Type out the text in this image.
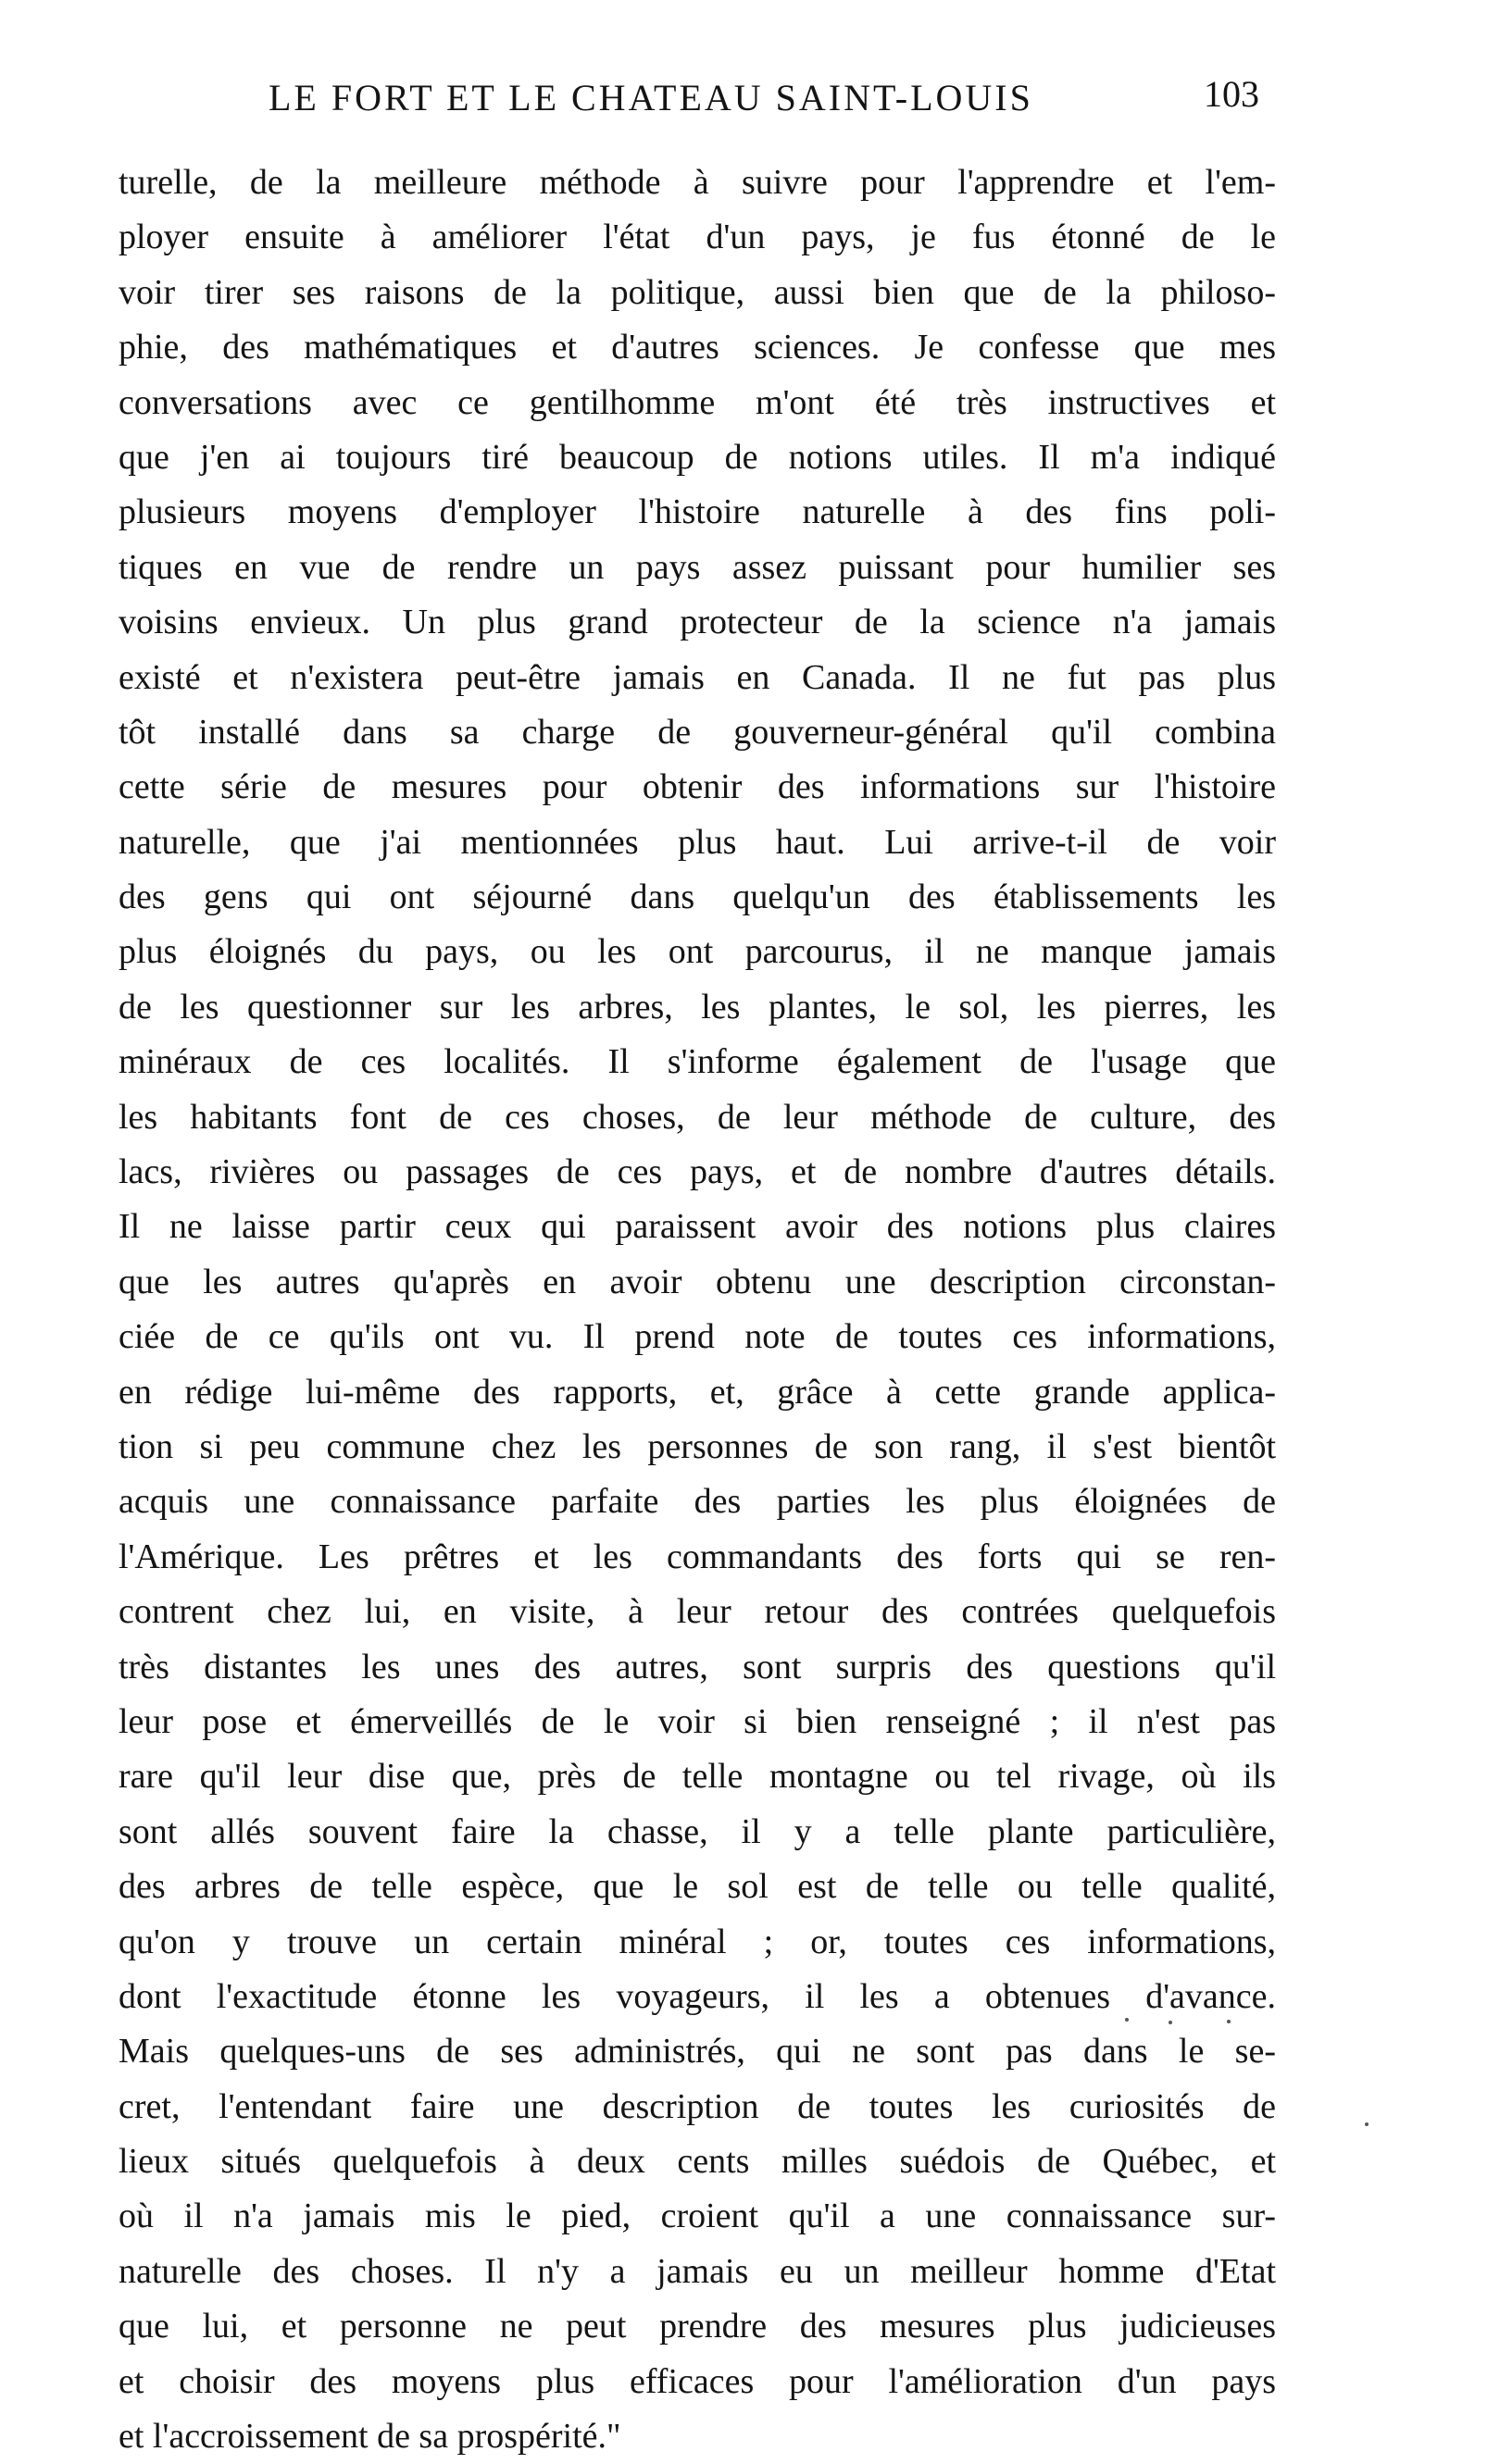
LE FORT ET LE CHATEAU SAINT-LOUIS	103
turelle, de la meilleure méthode à suivre pour l'apprendre et l'em-
ployer ensuite à améliorer l'état d'un pays, je fus étonné de le
voir tirer ses raisons de la politique, aussi bien que de la philoso-
phie, des mathématiques et d'autres sciences. Je confesse que mes
conversations avec ce gentilhomme m'ont été très instructives et
que j'en ai toujours tiré beaucoup de notions utiles. Il m'a indiqué
plusieurs moyens d'employer l'histoire naturelle à des fins poli-
tiques en vue de rendre un pays assez puissant pour humilier ses
voisins envieux. Un plus grand protecteur de la science n'a jamais
existé et n'existera peut-être jamais en Canada. Il ne fut pas plus
tôt installé dans sa charge de gouverneur-général qu'il combina
cette série de mesures pour obtenir des informations sur l'histoire
naturelle, que j'ai mentionnées plus haut. Lui arrive-t-il de voir
des gens qui ont séjourné dans quelqu'un des établissements les
plus éloignés du pays, ou les ont parcourus, il ne manque jamais
de les questionner sur les arbres, les plantes, le sol, les pierres, les
minéraux de ces localités. Il s'informe également de l'usage que
les habitants font de ces choses, de leur méthode de culture, des
lacs, rivières ou passages de ces pays, et de nombre d'autres détails.
Il ne laisse partir ceux qui paraissent avoir des notions plus claires
que les autres qu'après en avoir obtenu une description circonstan-
ciée de ce qu'ils ont vu. Il prend note de toutes ces informations,
en rédige lui-même des rapports, et, grâce à cette grande applica-
tion si peu commune chez les personnes de son rang, il s'est bientôt
acquis une connaissance parfaite des parties les plus éloignées de
l'Amérique. Les prêtres et les commandants des forts qui se ren-
contrent chez lui, en visite, à leur retour des contrées quelquefois
très distantes les unes des autres, sont surpris des questions qu'il
leur pose et émerveillés de le voir si bien renseigné ; il n'est pas
rare qu'il leur dise que, près de telle montagne ou tel rivage, où ils
sont allés souvent faire la chasse, il y a telle plante particulière,
des arbres de telle espèce, que le sol est de telle ou telle qualité,
qu'on y trouve un certain minéral ; or, toutes ces informations,
dont l'exactitude étonne les voyageurs, il les a obtenues d'avance.
Mais quelques-uns de ses administrés, qui ne sont pas dans le se-
cret, l'entendant faire une description de toutes les curiosités de
lieux situés quelquefois à deux cents milles suédois de Québec, et
où il n'a jamais mis le pied, croient qu'il a une connaissance sur-
naturelle des choses. Il n'y a jamais eu un meilleur homme d'Etat
que lui, et personne ne peut prendre des mesures plus judicieuses
et choisir des moyens plus efficaces pour l'amélioration d'un pays
et l'accroissement de sa prospérité."
